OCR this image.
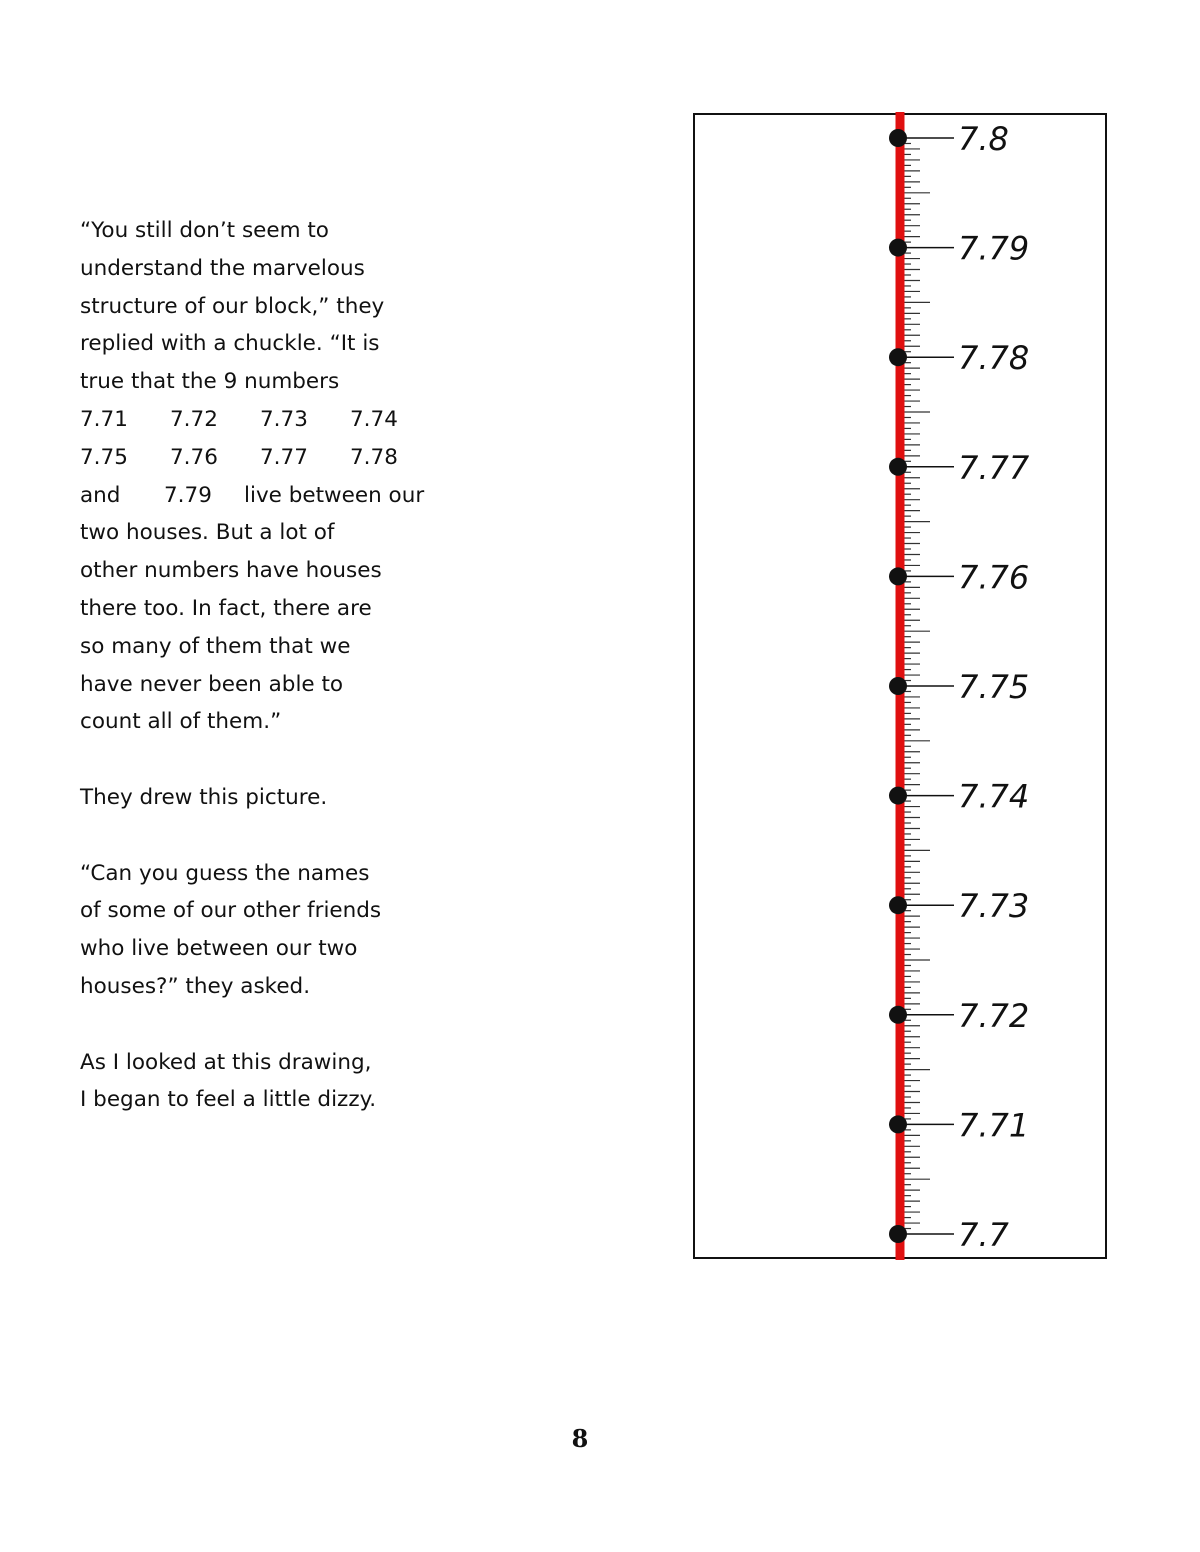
“You still don’t seem to
understand the marvelous
structure of our block,” they
replied with a chuckle. “It is
true that the 9 numbers
7.71 7.72 7.73 7.74
7.75 7.76 7.77 7.78
and 7.79 live between our
two houses. But a lot of
other numbers have houses
there too. In fact, there are
so many of them that we
have never been able to
count all of them.”
They drew this picture.
“Can you guess the names
of some of our other friends
who live between our two
houses?” they asked.
As I looked at this drawing,
I began to feel a little dizzy.
7.8
7.79
7.78
7.77
7.76
7.75
7.74
7.73
7.72
7.71
7.7
8
